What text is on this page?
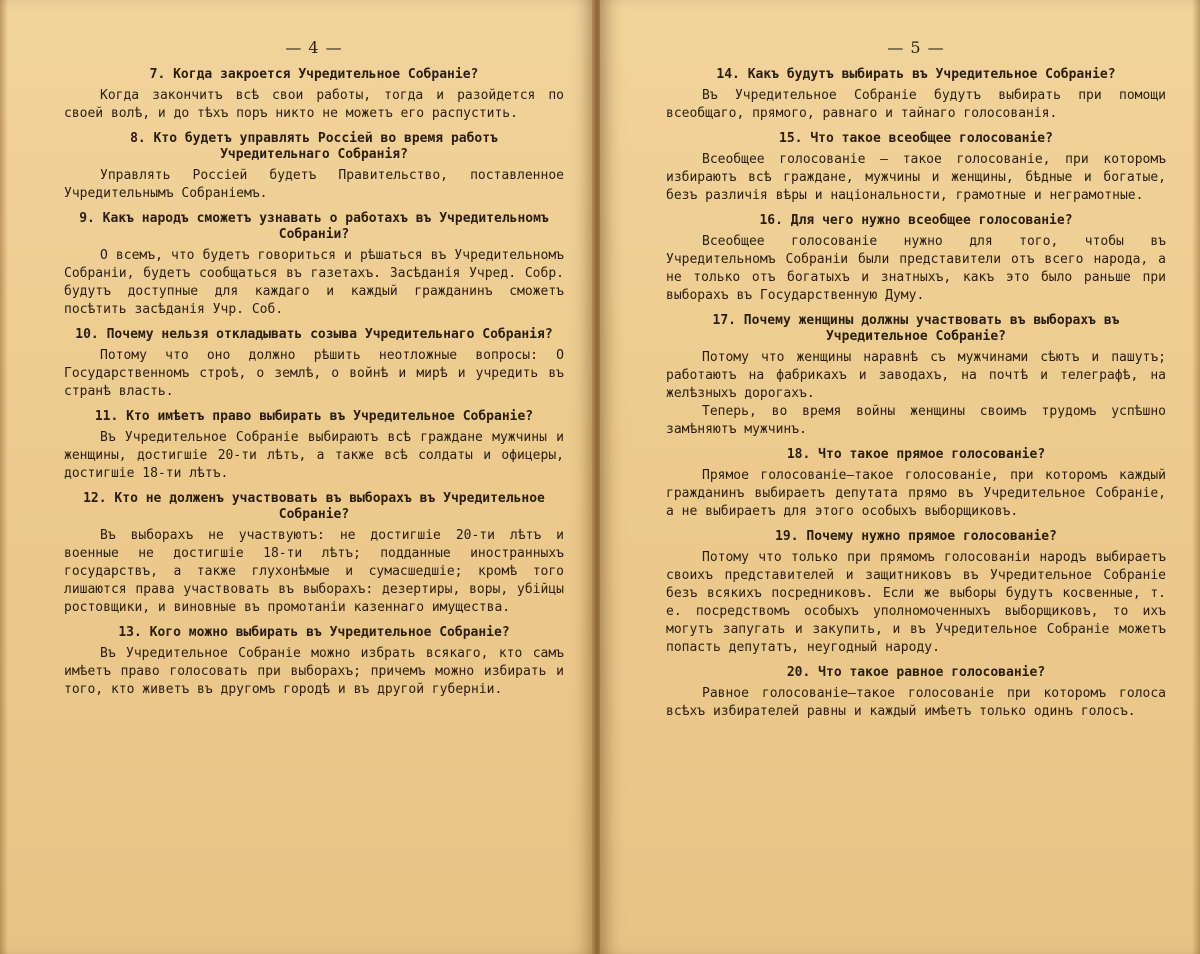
— 4 —
7. Когда закроется Учредительное Собраніе?

Когда закончитъ всѣ свои работы, тогда и разойдется по своей волѣ, и до тѣхъ поръ никто не можетъ его распустить.

8. Кто будетъ управлять Россіей во время работъ Учредительнаго Собранія?

Управлять Россіей будетъ Правительство, поставленное Учредительнымъ Собраніемъ.

9. Какъ народъ сможетъ узнавать о работахъ въ Учредительномъ Собраніи?

О всемъ, что будетъ говориться и рѣшаться въ Учредительномъ Собраніи, будетъ сообщаться въ газетахъ. Засѣданія Учред. Собр. будутъ доступные для каждаго и каждый гражданинъ сможетъ посѣтить засѣданія Учр. Соб.

10. Почему нельзя откладывать созыва Учредительнаго Собранія?

Потому что оно должно рѣшить неотложные вопросы: О Государственномъ строѣ, о землѣ, о войнѣ и мирѣ и учредить въ странѣ власть.

11. Кто имѣетъ право выбирать въ Учредительное Собраніе?

Въ Учредительное Собраніе выбираютъ всѣ граждане мужчины и женщины, достигшіе 20-ти лѣтъ, а также всѣ солдаты и офицеры, достигшіе 18-ти лѣтъ.

12. Кто не долженъ участвовать въ выборахъ въ Учредительное Собраніе?

Въ выборахъ не участвуютъ: не достигшіе 20-ти лѣтъ и военные не достигшіе 18-ти лѣтъ; подданные иностранныхъ государствъ, а также глухонѣмые и сумасшедшіе; кромѣ того лишаются права участвовать въ выборахъ: дезертиры, воры, убійцы ростовщики, и виновные въ промотаніи казеннаго имущества.

13. Кого можно выбирать въ Учредительное Собраніе?

Въ Учредительное Собраніе можно избрать всякаго, кто самъ имѣетъ право голосовать при выборахъ; причемъ можно избирать и того, кто живетъ въ другомъ городѣ и въ другой губерніи.

— 5 —
14. Какъ будутъ выбирать въ Учредительное Собраніе?

Въ Учредительное Собраніе будутъ выбирать при помощи всеобщаго, прямого, равнаго и тайнаго голосованія.

15. Что такое всеобщее голосованіе?

Всеобщее голосованіе — такое голосованіе, при которомъ избираютъ всѣ граждане, мужчины и женщины, бѣдные и богатые, безъ различія вѣры и національности, грамотные и неграмотные.

16. Для чего нужно всеобщее голосованіе?

Всеобщее голосованіе нужно для того, чтобы въ Учредительномъ Собраніи были представители отъ всего народа, а не только отъ богатыхъ и знатныхъ, какъ это было раньше при выборахъ въ Государственную Думу.

17. Почему женщины должны участвовать въ выборахъ въ Учредительное Собраніе?

Потому что женщины наравнѣ съ мужчинами сѣютъ и пашутъ; работаютъ на фабрикахъ и заводахъ, на почтѣ и телеграфѣ, на желѣзныхъ дорогахъ.

Теперь, во время войны женщины своимъ трудомъ успѣшно замѣняютъ мужчинъ.

18. Что такое прямое голосованіе?

Прямое голосованіе—такое голосованіе, при которомъ каждый гражданинъ выбираетъ депутата прямо въ Учредительное Собраніе, а не выбираетъ для этого особыхъ выборщиковъ.

19. Почему нужно прямое голосованіе?

Потому что только при прямомъ голосованіи народъ выбираетъ своихъ представителей и защитниковъ въ Учредительное Собраніе безъ всякихъ посредниковъ. Если же выборы будутъ косвенные, т. е. посредствомъ особыхъ уполномоченныхъ выборщиковъ, то ихъ могутъ запугать и закупить, и въ Учредительное Собраніе можетъ попасть депутатъ, неугодный народу.

20. Что такое равное голосованіе?

Равное голосованіе—такое голосованіе при которомъ голоса всѣхъ избирателей равны и каждый имѣетъ только одинъ голосъ.
